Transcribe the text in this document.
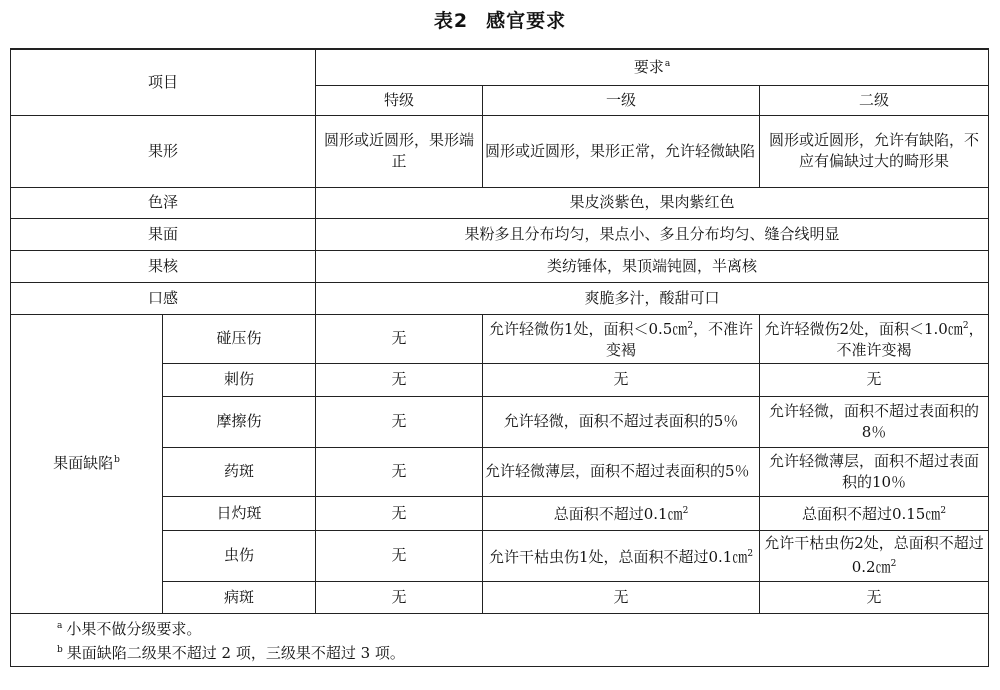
表2 感官要求
项目		要求$^a$
		特级	一级	二级
果形		圆形或近圆形，果形端正	圆形或近圆形，果形正常，允许轻微缺陷	圆形或近圆形，允许有缺陷，不应有偏缺过大的畸形果
色泽		果皮淡紫色，果肉紫红色		
果面		果粉多且分布均匀，果点小、多且分布均匀、缝合线明显		
果核		类纺锤体，果顶端钝圆，半离核		
口感		爽脆多汁，酸甜可口		
果面缺陷$^b$	碰压伤	无	允许轻微伤1处，面积＜0.5㎝$^2$，不准许变褐	允许轻微伤2处，面积＜1.0㎝$^2$，不准许变褐
	刺伤	无	无	无
	摩擦伤	无	允许轻微，面积不超过表面积的5％	允许轻微，面积不超过表面积的8％
	药斑	无	允许轻微薄层，面积不超过表面积的5％	允许轻微薄层，面积不超过表面积的10％
	日灼斑	无	总面积不超过0.1㎝$^2$	总面积不超过0.15㎝$^2$
	虫伤	无	允许干枯虫伤1处，总面积不超过0.1㎝$^2$	允许干枯虫伤2处，总面积不超过0.2㎝$^2$
	病斑	无	无	无

$^a$ 小果不做分级要求。
$^b$ 果面缺陷二级果不超过 2 项，三级果不超过 3 项。				
